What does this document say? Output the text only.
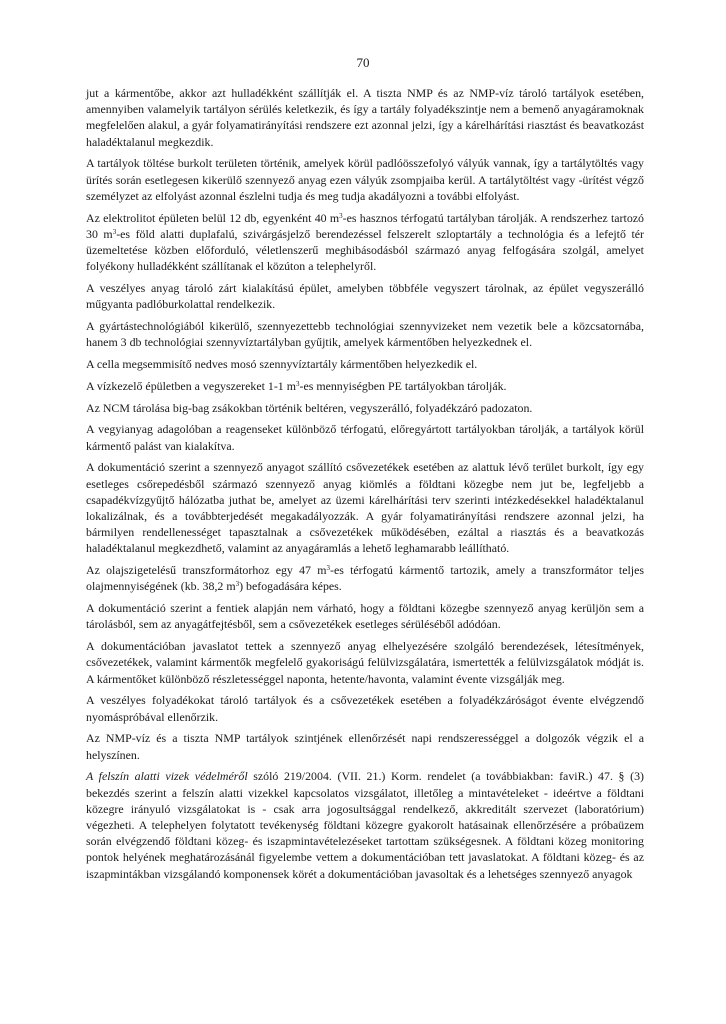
70

jut a kármentőbe, akkor azt hulladékként szállítják el. A tiszta NMP és az NMP-víz tároló tartályok esetében, amennyiben valamelyik tartályon sérülés keletkezik, és így a tartály folyadékszintje nem a bemenő anyagáramoknak megfelelően alakul, a gyár folyamatirányítási rendszere ezt azonnal jelzi, így a kárelhárítási riasztást és beavatkozást haladéktalanul megkezdik.

A tartályok töltése burkolt területen történik, amelyek körül padlóösszefolyó vályúk vannak, így a tartálytöltés vagy ürítés során esetlegesen kikerülő szennyező anyag ezen vályúk zsompjaiba kerül. A tartálytöltést vagy -ürítést végző személyzet az elfolyást azonnal észlelni tudja és meg tudja akadályozni a további elfolyást.

Az elektrolitot épületen belül 12 db, egyenként 40 $m^3-es$ hasznos térfogatú tartályban tárolják. A rendszerhez tartozó 30 $m^3-es$ föld alatti duplafalú, szivárgásjelző berendezéssel felszerelt szloptartály a technológia és a lefejtő tér üzemeltetése közben előforduló, véletlenszerű meghibásodásból származó anyag felfogására szolgál, amelyet folyékony hulladékként szállítanak el közúton a telephelyről.

A veszélyes anyag tároló zárt kialakítású épület, amelyben többféle vegyszert tárolnak, az épület vegyszerálló műgyanta padlóburkolattal rendelkezik.

A gyártástechnológiából kikerülő, szennyezettebb technológiai szennyvizeket nem vezetik bele a közcsatornába, hanem 3 db technológiai szennyvíztartályban gyűjtik, amelyek kármentőben helyezkednek el.

A cella megsemmisítő nedves mosó szennyvíztartály kármentőben helyezkedik el.

A vízkezelő épületben a vegyszereket 1-1 $m^3-es$ mennyiségben PE tartályokban tárolják.

Az NCM tárolása big-bag zsákokban történik beltéren, vegyszerálló, folyadékzáró padozaton.

A vegyianyag adagolóban a reagenseket különböző térfogatú, előregyártott tartályokban tárolják, a tartályok körül kármentő palást van kialakítva.

A dokumentáció szerint a szennyező anyagot szállító csővezetékek esetében az alattuk lévő terület burkolt, így egy esetleges csőrepedésből származó szennyező anyag kiömlés a földtani közegbe nem jut be, legfeljebb a csapadékvízgyűjtő hálózatba juthat be, amelyet az üzemi kárelhárítási terv szerinti intézkedésekkel haladéktalanul lokalizálnak, és a továbbterjedését megakadályozzák. A gyár folyamatirányítási rendszere azonnal jelzi, ha bármilyen rendellenességet tapasztalnak a csővezetékek működésében, ezáltal a riasztás és a beavatkozás haladéktalanul megkezdhető, valamint az anyagáramlás a lehető leghamarabb leállítható.

Az olajszigetelésű transzformátorhoz egy 47 $m^3-es$ térfogatú kármentő tartozik, amely a transzformátor teljes olajmennyiségének (kb. 38,2 $m^3$) befogadására képes.

A dokumentáció szerint a fentiek alapján nem várható, hogy a földtani közegbe szennyező anyag kerüljön sem a tárolásból, sem az anyagátfejtésből, sem a csővezetékek esetleges sérüléséből adódóan.

A dokumentációban javaslatot tettek a szennyező anyag elhelyezésére szolgáló berendezések, létesítmények, csővezetékek, valamint kármentők megfelelő gyakoriságú felülvizsgálatára, ismertették a felülvizsgálatok módját is. A kármentőket különböző részletességgel naponta, hetente/havonta, valamint évente vizsgálják meg.

A veszélyes folyadékokat tároló tartályok és a csővezetékek esetében a folyadékzáróságot évente elvégzendő nyomáspróbával ellenőrzik.

Az NMP-víz és a tiszta NMP tartályok szintjének ellenőrzését napi rendszerességgel a dolgozók végzik el a helyszínen.

A felszín alatti vizek védelméről szóló 219/2004. (VII. 21.) Korm. rendelet (a továbbiakban: faviR.) 47. § (3) bekezdés szerint a felszín alatti vizekkel kapcsolatos vizsgálatot, illetőleg a mintavételeket - ideértve a földtani közegre irányuló vizsgálatokat is - csak arra jogosultsággal rendelkező, akkreditált szervezet (laboratórium) végezheti. A telephelyen folytatott tevékenység földtani közegre gyakorolt hatásainak ellenőrzésére a próbaüzem során elvégzendő földtani közeg- és iszapmintavételezéseket tartottam szükségesnek. A földtani közeg monitoring pontok helyének meghatározásánál figyelembe vettem a dokumentációban tett javaslatokat. A földtani közeg- és az iszapmintákban vizsgálandó komponensek körét a dokumentációban javasoltak és a lehetséges szennyező anyagok
